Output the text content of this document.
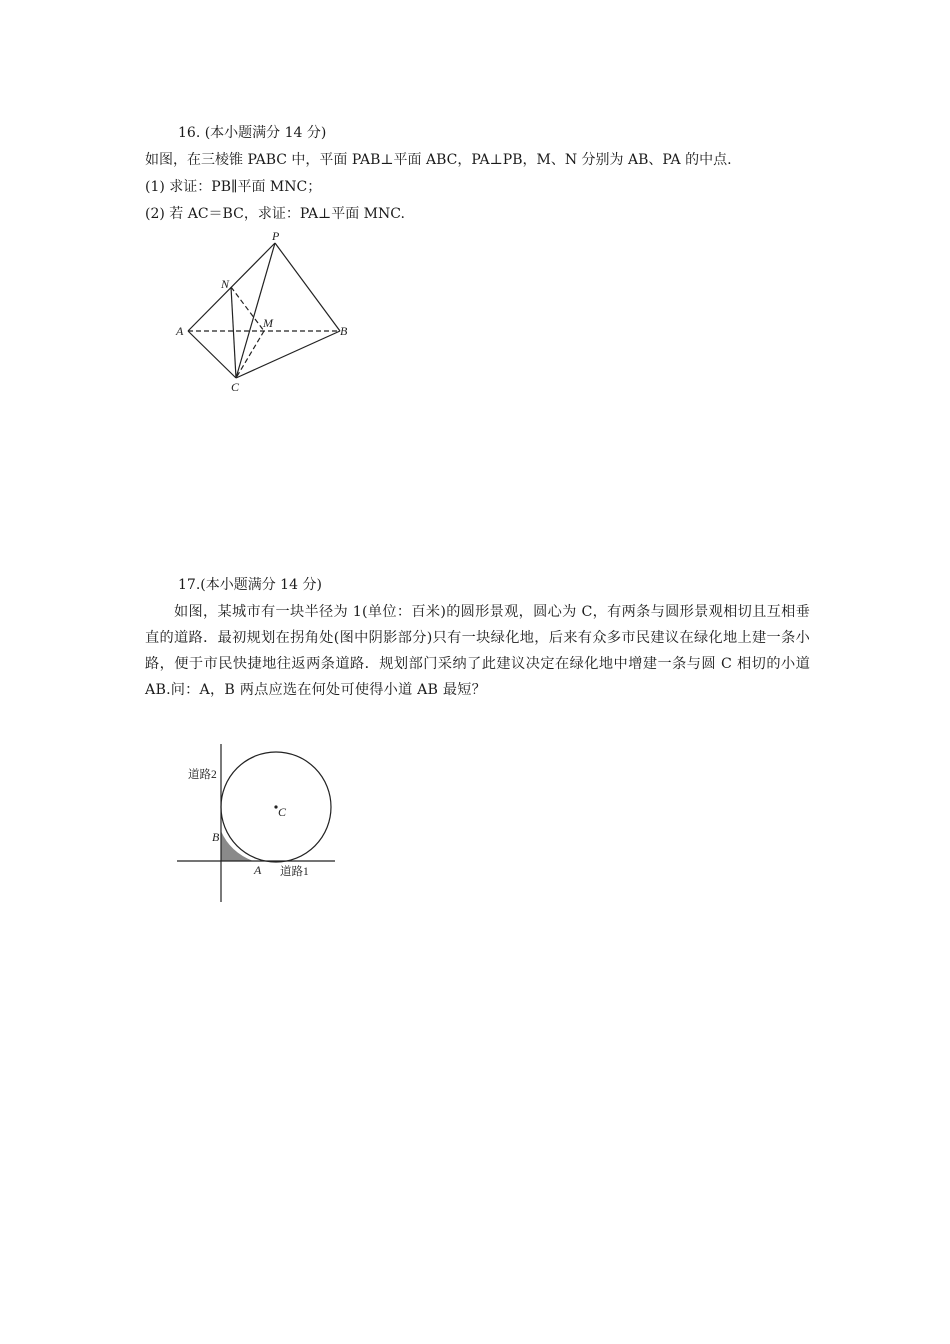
16. (本小题满分 14 分)
如图，在三棱锥 PABC 中，平面 PAB⊥平面 ABC，PA⊥PB，M、N 分别为 AB、PA 的中点.
(1) 求证：PB∥平面 MNC；
(2) 若 AC＝BC，求证：PA⊥平面 MNC.
P
N
M
A	B
C
17.(本小题满分 14 分)
如图，某城市有一块半径为 1(单位：百米)的圆形景观，圆心为 C，有两条与圆形景观相切且互相垂直的道路．最初规划在拐角处(图中阴影部分)只有一块绿化地，后来有众多市民建议在绿化地上建一条小路，便于市民快捷地往返两条道路．规划部门采纳了此建议决定在绿化地中增建一条与圆 C 相切的小道 AB.问：A，B 两点应选在何处可使得小道 AB 最短？
道路2
道路1
C
B
A
